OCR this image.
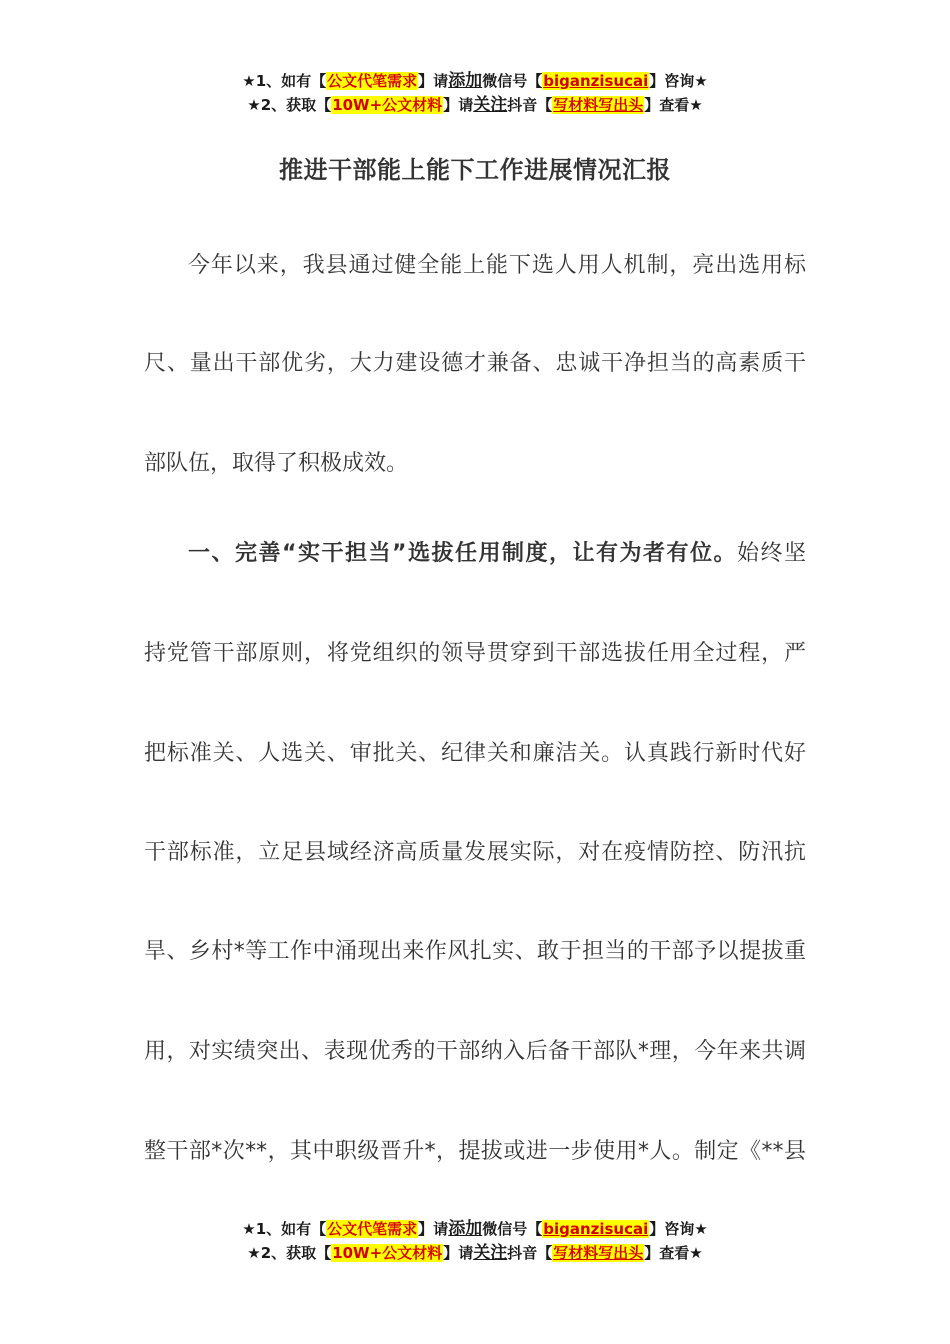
★1、如有【公文代笔需求】请添加微信号【biganzisucai】咨询★
★2、获取【10W+公文材料】请关注抖音【写材料写出头】查看★
推进干部能上能下工作进展情况汇报
今年以来，我县通过健全能上能下选人用人机制，亮出选用标
尺、量出干部优劣，大力建设德才兼备、忠诚干净担当的高素质干
部队伍，取得了积极成效。
一、完善“实干担当”选拔任用制度，让有为者有位。始终坚
持党管干部原则，将党组织的领导贯穿到干部选拔任用全过程，严
把标准关、人选关、审批关、纪律关和廉洁关。认真践行新时代好
干部标准，立足县域经济高质量发展实际，对在疫情防控、防汛抗
旱、乡村*等工作中涌现出来作风扎实、敢于担当的干部予以提拔重
用，对实绩突出、表现优秀的干部纳入后备干部队*理，今年来共调
整干部*次**，其中职级晋升*，提拔或进一步使用*人。制定《**县
★1、如有【公文代笔需求】请添加微信号【biganzisucai】咨询★
★2、获取【10W+公文材料】请关注抖音【写材料写出头】查看★
